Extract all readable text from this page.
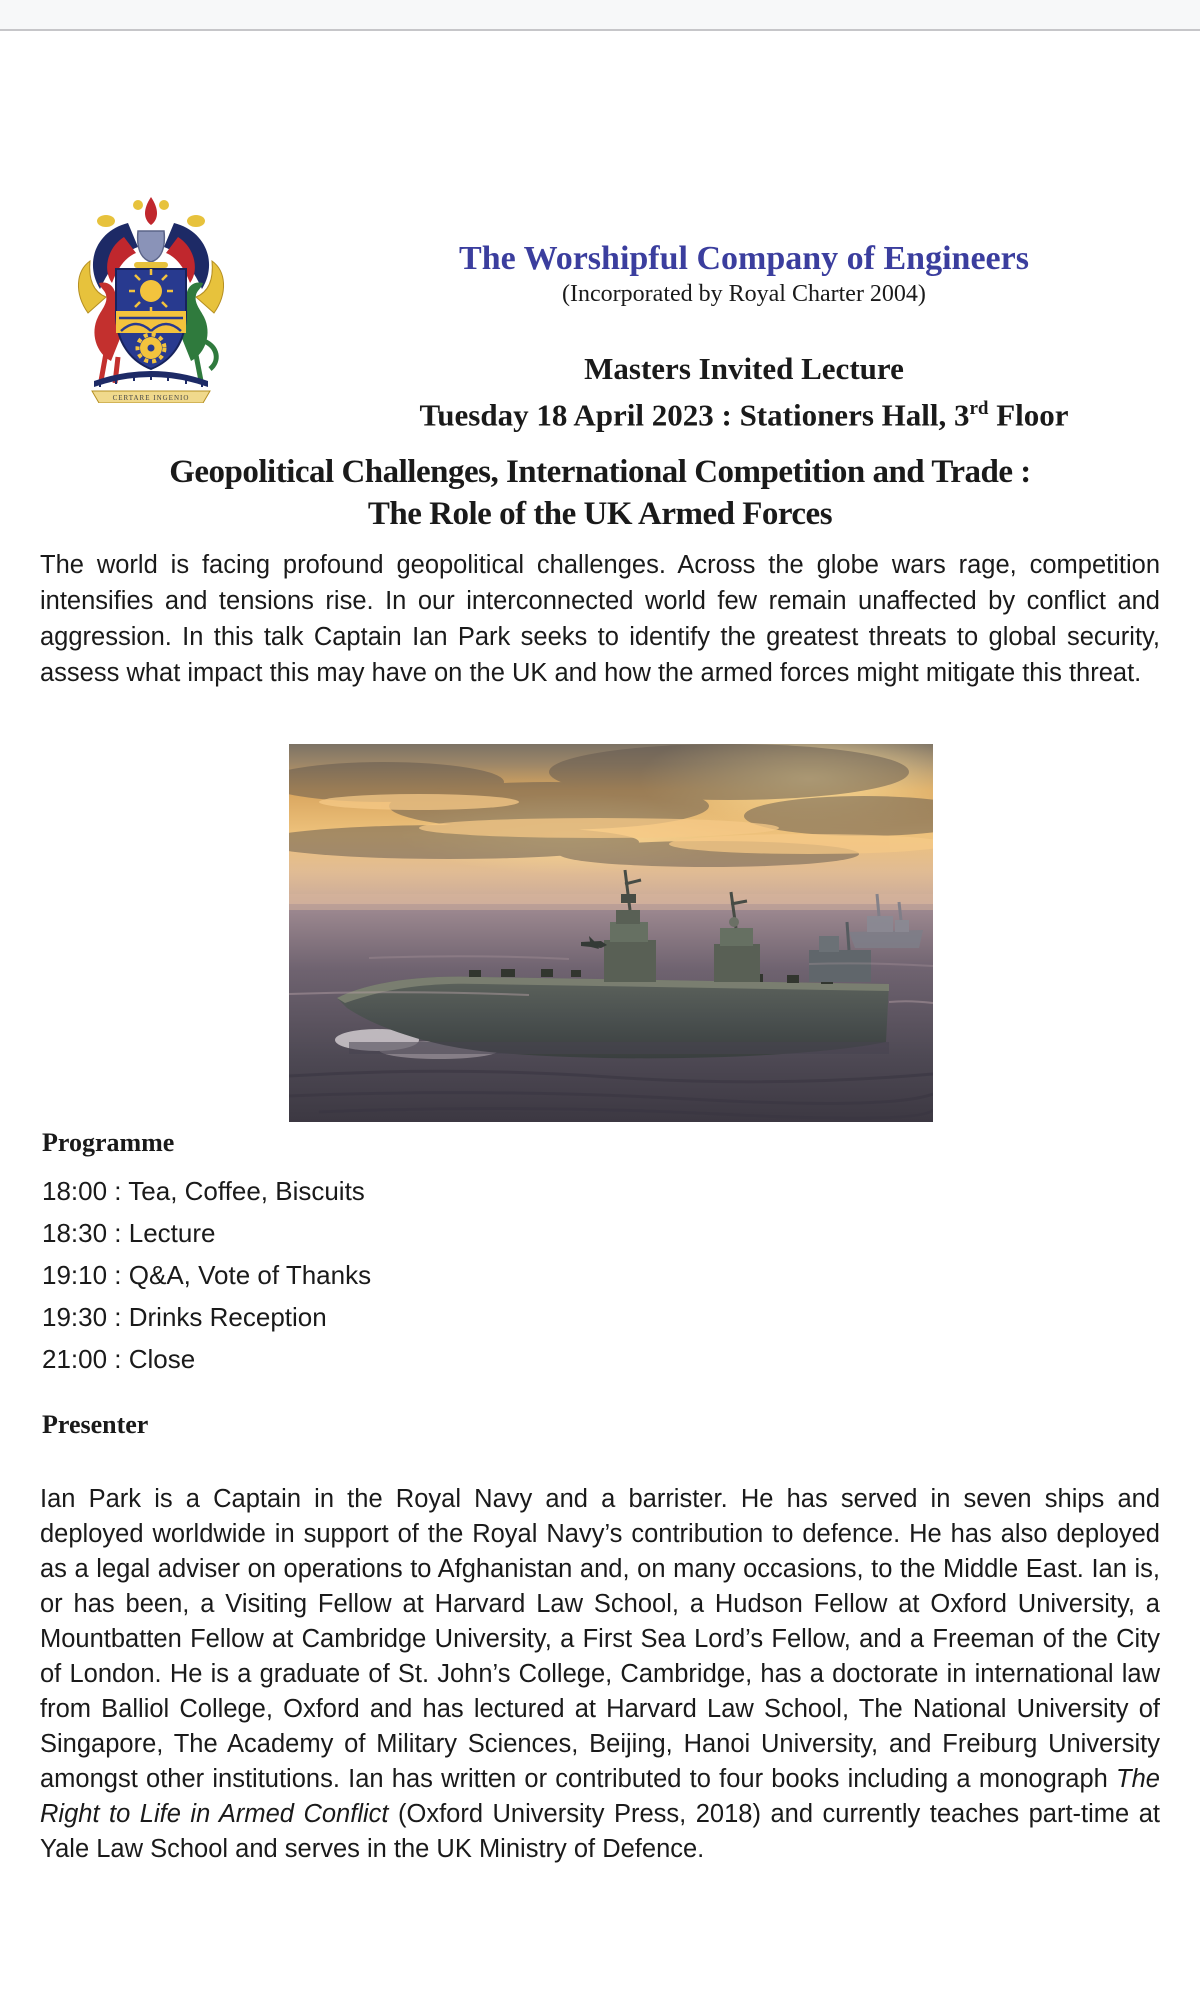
CERTARE INGENIO
The Worshipful Company of Engineers
(Incorporated by Royal Charter 2004)
Masters Invited Lecture
Tuesday 18 April 2023 : Stationers Hall, 3rd Floor
Geopolitical Challenges, International Competition and Trade :
The Role of the UK Armed Forces

The world is facing profound geopolitical challenges. Across the globe wars rage, competition intensifies and tensions rise. In our interconnected world few remain unaffected by conflict and aggression. In this talk Captain Ian Park seeks to identify the greatest threats to global security, assess what impact this may have on the UK and how the armed forces might mitigate this threat.

Programme
18:00 : Tea, Coffee, Biscuits
18:30 : Lecture
19:10 : Q&A, Vote of Thanks
19:30 : Drinks Reception
21:00 : Close
Presenter

Ian Park is a Captain in the Royal Navy and a barrister. He has served in seven ships and deployed worldwide in support of the Royal Navy’s contribution to defence. He has also deployed as a legal adviser on operations to Afghanistan and, on many occasions, to the Middle East. Ian is, or has been, a Visiting Fellow at Harvard Law School, a Hudson Fellow at Oxford University, a Mountbatten Fellow at Cambridge University, a First Sea Lord’s Fellow, and a Freeman of the City of London. He is a graduate of St. John’s College, Cambridge, has a doctorate in international law from Balliol College, Oxford and has lectured at Harvard Law School, The National University of Singapore, The Academy of Military Sciences, Beijing, Hanoi University, and Freiburg University amongst other institutions. Ian has written or contributed to four books including a monograph The Right to Life in Armed Conflict (Oxford University Press, 2018) and currently teaches part-time at Yale Law School and serves in the UK Ministry of Defence.
